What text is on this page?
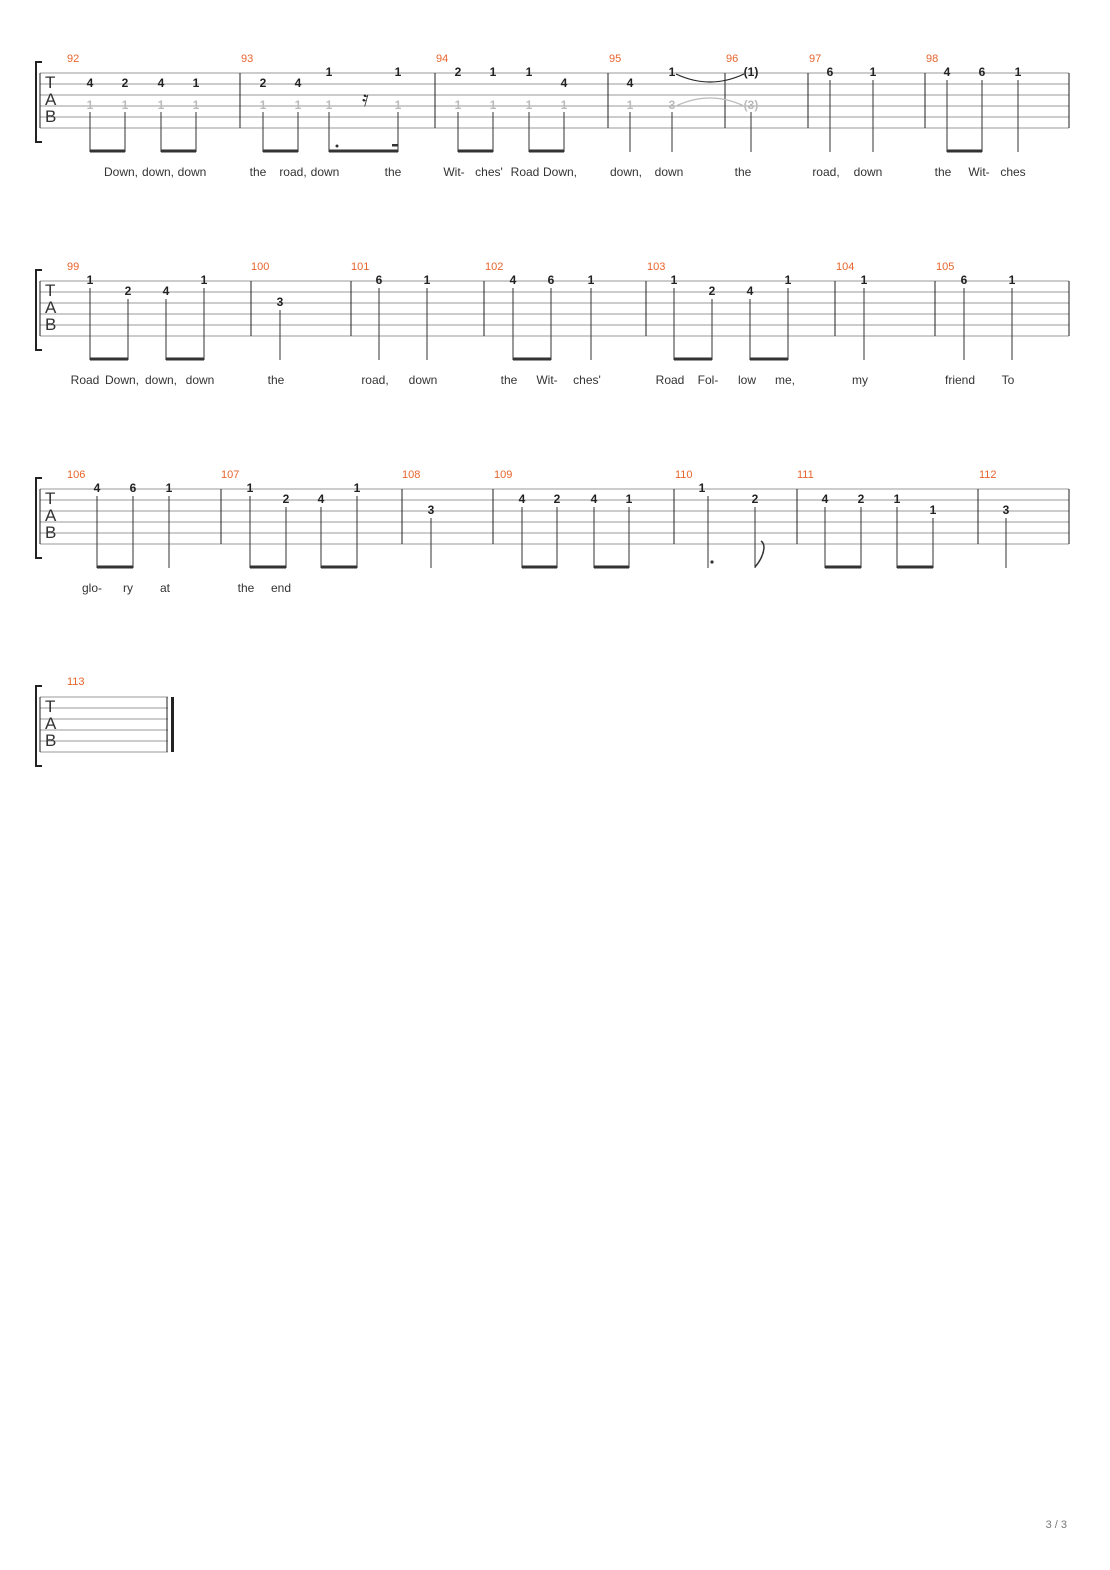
T
A
B
92	93	94	95	96	97	98
4
1
2
1
4
1
1
1
2
1
4
1
1
1
1
1
2
1
1
1
1
1
4
1
4
1
1
3
(1)
(3)
6	1	4 6 1
𝄿
Down, down, down	the road, down	the	Wit- ches' Road Down,	down, down	the	road, down	the Wit- ches
T
A
B
99	100	101	102	103	104	105
1
2	4
1
3
6	1	4	6	1	1
2	4
1	1	6	1
Road Down, down, down	the	road, down	the Wit- ches'	Road Fol- low me,	my	friend To
T
A
B
106	107	108	109	110	111	112
4 6 1	1
2 4
1
3
4 2	4 1
1
2	4 2 1
1	3
glo- ry at	the end
T
A
B
113
3 / 3
